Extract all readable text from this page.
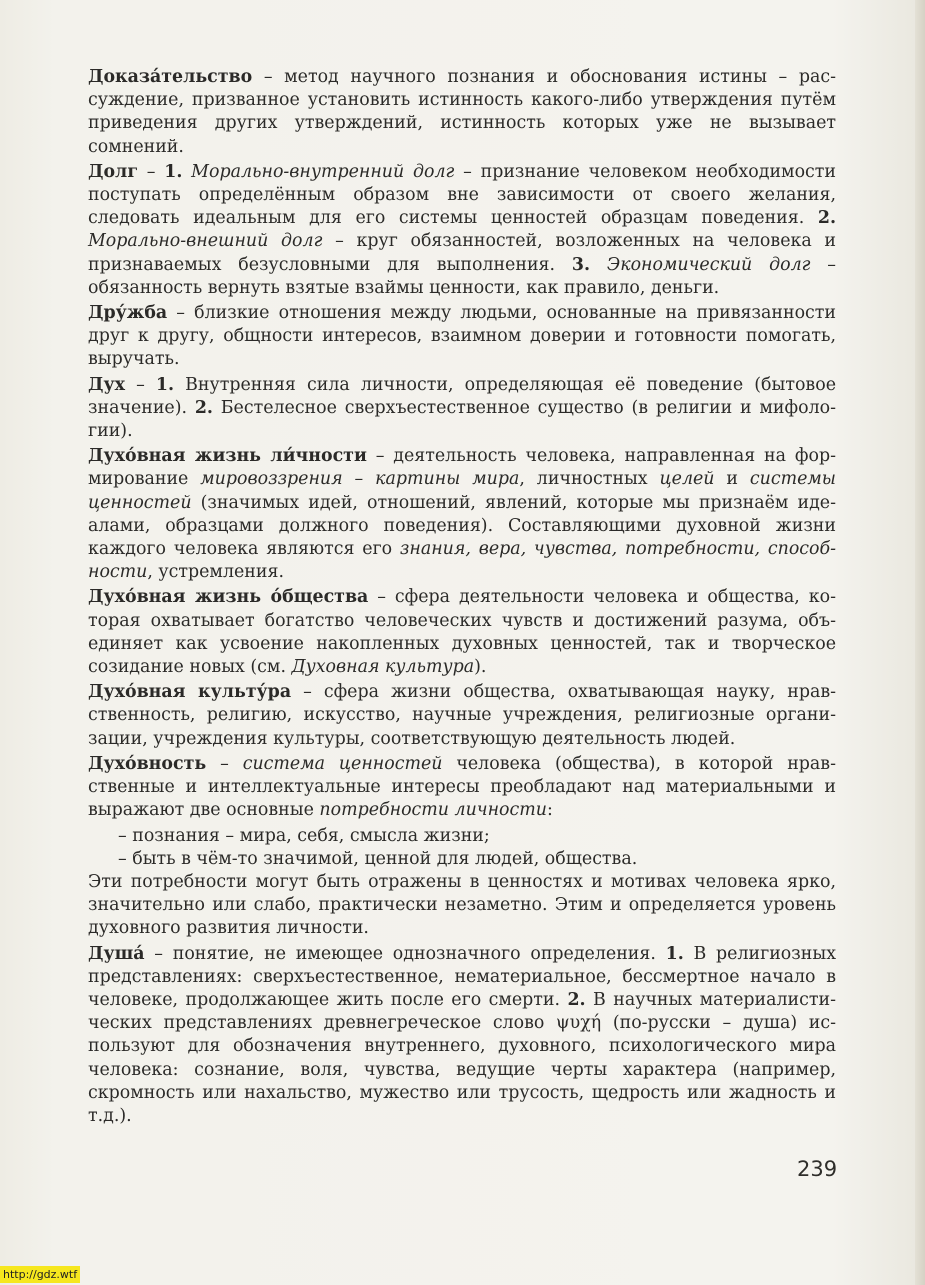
Доказа́тельство – метод научного познания и обоснования истины – рассуждение, призванное установить истинность какого-либо утверждения путём приведения других утверждений, истинность которых уже не вызывает сомнений.

Долг – 1. Морально-внутренний долг – признание человеком необходимости поступать определённым образом вне зависимости от своего желания, следовать идеальным для его системы ценностей образцам поведения. 2. Морально-внешний долг – круг обязанностей, возложенных на человека и признаваемых безусловными для выполнения. 3. Экономический долг – обязанность вернуть взятые взаймы ценности, как правило, деньги.

Дру́жба – близкие отношения между людьми, основанные на привязанности друг к другу, общности интересов, взаимном доверии и готовности помогать, выручать.

Дух – 1. Внутренняя сила личности, определяющая её поведение (бытовое значение). 2. Бестелесное сверхъестественное существо (в религии и мифологии).

Духо́вная жизнь ли́чности – деятельность человека, направленная на формирование мировоззрения – картины мира, личностных целей и системы ценностей (значимых идей, отношений, явлений, которые мы признаём идеалами, образцами должного поведения). Составляющими духовной жизни каждого человека являются его знания, вера, чувства, потребности, способности, устремления.

Духо́вная жизнь о́бщества – сфера деятельности человека и общества, которая охватывает богатство человеческих чувств и достижений разума, объединяет как усвоение накопленных духовных ценностей, так и творческое созидание новых (см. Духовная культура).

Духо́вная культу́ра – сфера жизни общества, охватывающая науку, нравственность, религию, искусство, научные учреждения, религиозные организации, учреждения культуры, соответствующую деятельность людей.

Духо́вность – система ценностей человека (общества), в которой нравственные и интеллектуальные интересы преобладают над материальными и выражают две основные потребности личности:

– познания – мира, себя, смысла жизни;

– быть в чём-то значимой, ценной для людей, общества.

Эти потребности могут быть отражены в ценностях и мотивах человека ярко, значительно или слабо, практически незаметно. Этим и определяется уровень духовного развития личности.

Душа́ – понятие, не имеющее однозначного определения. 1. В религиозных представлениях: сверхъестественное, нематериальное, бессмертное начало в человеке, продолжающее жить после его смерти. 2. В научных материалистических представлениях древнегреческое слово ψυχή (по-русски – душа) используют для обозначения внутреннего, духовного, психологического мира человека: сознание, воля, чувства, ведущие черты характера (например, скромность или нахальство, мужество или трусость, щедрость или жадность и т.д.).

239
http://gdz.wtf
